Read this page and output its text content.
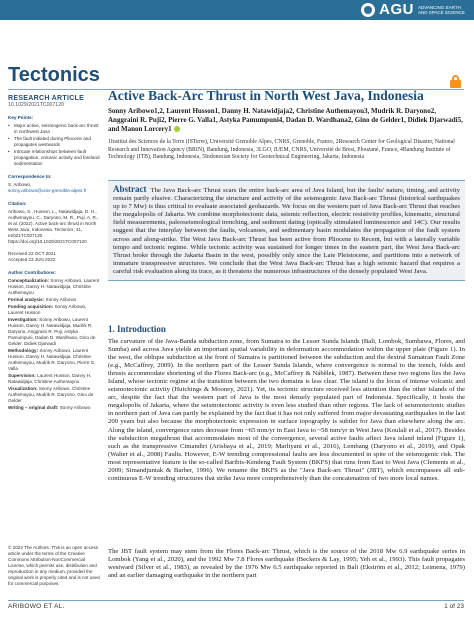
AGU ADVANCING EARTH AND SPACE SCIENCE
Tectonics
RESEARCH ARTICLE
10.1029/2021TC007120
Key Points:
• Major active, seismogenic back-arc thrust in northwest Java
• The fault initiated during Pliocene and propagates westwards
• Intricate relationships between fault propagation, volcanic activity and foreland sedimentation
Correspondence to:
S. Aribowo,
sonny.aribowo@univ-grenoble-alpes.fr
Citation:
Aribowo, S., Husson, L., Natawidjaja, D. H., Authemayou, C., Daryono, M. R., Puji, A. R., et al. (2022). Active back-arc thrust in North West Java, Indonesia. Tectonics, 41, e2021TC007120. https://doi.org/10.1029/2021TC007120
Received 22 OCT 2021
Accepted 23 JUN 2022
Author Contributions:

Conceptualization: Sonny Aribowo, Laurent Husson, Danny H. Natawidjaja, Christine Authemayou

Formal analysis: Sonny Aribowo

Funding acquisition: Sonny Aribowo, Laurent Husson

Investigation: Sonny Aribowo, Laurent Husson, Danny H. Natawidjaja, Mudrik R. Daryono, Anggraini R. Puji, Astyka Pamumpuni, Dadan D. Wardhana, Gino de Gelder, Didiek Djarwadi

Methodology: Sonny Aribowo, Laurent Husson, Danny H. Natawidjaja, Christine Authemayou, Mudrik R. Daryono, Pierre G. Valla

Supervision: Laurent Husson, Danny H. Natawidjaja, Christine Authemayou

Visualization: Sonny Aribowo, Christine Authemayou, Mudrik R. Daryono, Gino de Gelder

Writing – original draft: Sonny Aribowo

© 2022 The Authors. This is an open access article under the terms of the Creative Commons Attribution-NonCommercial License, which permits use, distribution and reproduction in any medium, provided the original work is properly cited and is not used for commercial purposes.
Active Back-Arc Thrust in North West Java, Indonesia
Sonny Aribowo1,2, Laurent Husson1, Danny H. Natawidjaja2, Christine Authemayou3, Mudrik R. Daryono2, Anggraini R. Puji2, Pierre G. Valla1, Astyka Pamumpuni4, Dadan D. Wardhana2, Gino de Gelder1, Didiek Djarwadi5, and Manon Lorcery1
1Institut des Sciences de la Terre (ISTerre), Université Grenoble Alpes, CNRS, Grenoble, France, 2Research Center for Geological Disaster, National Research and Innovation Agency (BRIN), Bandung, Indonesia, 3LGO, IUEM, CNRS, Université de Brest, Plouzané, France, 4Bandung Institute of Technology (ITB), Bandung, Indonesia, 5Indonesian Society for Geotechnical Engineering, Jakarta, Indonesia
Abstract The Java Back-arc Thrust scars the entire back-arc area of Java Island, but the faults' nature, timing, and activity remain partly elusive. Characterizing the structure and activity of the seismogenic Java Back-arc Thrust (historical earthquakes up to 7 Mw) is thus critical to evaluate associated geohazards. We focus on the western part of Java Back-arc Thrust that reaches the megalopolis of Jakarta. We combine morphotectonic data, seismic reflection, electric resistivity profiles, kinematic, structural field measurements, paleoseismological trenching, and sediment dating (optically stimulated luminescence and 14C). Our results suggest that the interplay between the faults, volcanoes, and sedimentary basin modulates the propagation of the fault system across and along-strike. The West Java Back-arc Thrust has been active from Pliocene to Recent, but with a laterally variable tempo and tectonic regime. While tectonic activity was sustained for longer times in the eastern part, the West Java Back-arc Thrust broke through the Jakarta Basin in the west, possibly only since the Late Pleistocene, and partitions into a network of immature transpressive structures. We conclude that the West Java Back-arc Thrust has a high seismic hazard that requires a careful risk evaluation along its trace, as it threatens the numerous infrastructures of the densely populated West Java.
1. Introduction
The curvature of the Java-Banda subduction zone, from Sumatra to the Lesser Sunda Islands (Bali, Lombok, Sumbawa, Flores, and Sumba) and across Java yields an important spatial variability in deformation accommodation within the upper plate (Figure 1). In the west, the oblique subduction at the front of Sumatra is partitioned between the subduction and the dextral Sumatran Fault Zone (e.g., McCaffrey, 2009). In the northern part of the Lesser Sunda Islands, where convergence is normal to the trench, folds and thrusts accommodate shortening of the Flores Back-arc (e.g., McCaffrey & Nábělek, 1987). Between these two regions lies the Java Island, whose tectonic regime at the transition between the two domains is less clear. The island is the locus of intense volcanic and seismotectonic activity (Hutchings & Mooney, 2021). Yet, its tectonic structure received less attention than the other islands of the arc, despite the fact that the western part of Java is the most densely populated part of Indonesia. Specifically, it hosts the megalopolis of Jakarta, where the seismotectonic activity is even less studied than other regions. The lack of seismotectonic studies in northern part of Java can partly be explained by the fact that it has not only suffered from major devastating earthquakes in the last 200 years but also because the morphotectonic expression in surface topography is subtler for Java than elsewhere along the arc. Along the island, convergence rates decrease from ~65 mm/yr in East Java to ~58 mm/yr in West Java (Koulali et al., 2017). Besides the subduction megathrust that accommodates most of the convergence, several active faults affect Java island inland (Figure 1), such as the transpressive Cimandiri (Arisbaya et al., 2019; Marliyani et al., 2016), Lembang (Daryono et al., 2019), and Opak (Walter et al., 2008) Faults. However, E-W trending compressional faults are less documented in spite of the seismogenic risk. The most representative feature is the so-called Baribis-Kendeng Fault System (BKFS) that runs from East to West Java (Clements et al., 2009; Simandjuntak & Barber, 1996). We rename the BKFS as the "Java Back-arc Thrust" (JBT), which encompasses all sub-continuous E-W trending structures that strike Java more comprehensively than the concatenation of two more local names.
The JBT fault system may stem from the Flores Back-arc Thrust, which is the source of the 2018 Mw 6.9 earthquake series in Lombok (Yang et al., 2020), and the 1992 Mw 7.8 Flores earthquake (Beckers & Lay, 1995; Yeh et al., 1993). This fault propagates westward (Silver et al., 1983), as revealed by the 1976 Mw 6.5 earthquake reported in Bali (Ekström et al., 2012; Leimena, 1979) and an earlier damaging earthquake in the northern part
ARIBOWO ET AL.	1 of 23
